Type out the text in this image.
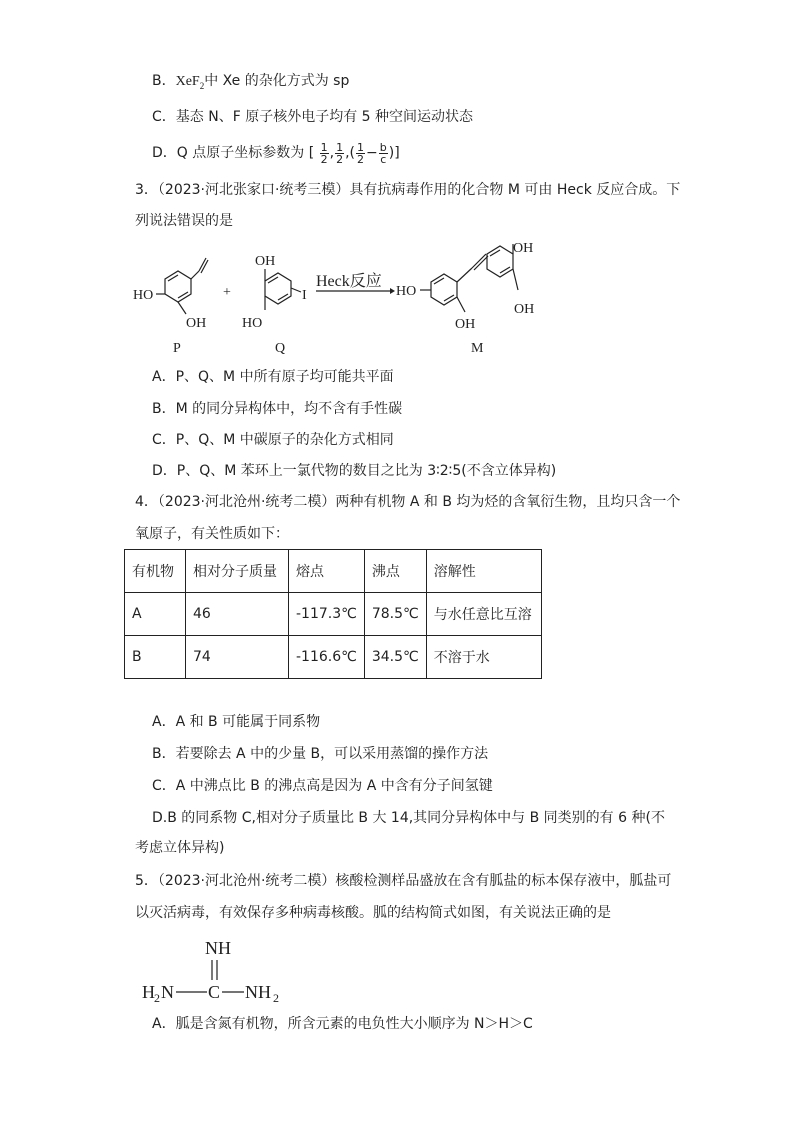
B．XeF$_2$中 Xe 的杂化方式为 sp
C．基态 N、F 原子核外电子均有 5 种空间运动状态
D．Q 点原子坐标参数为 [ $\frac{1}{2}$ , $\frac{1}{2}$ ,( $\frac{1}{2} - \frac{b}{c}$ )]
3．（2023·河北张家口·统考三模）具有抗病毒作用的化合物 M 可由 Heck 反应合成。下
列说法错误的是
HO
OH
+
OH
HO
I
Heck反应
HO
OH
OH
OH
P	Q	M
A．P、Q、M 中所有原子均可能共平面
B．M 的同分异构体中，均不含有手性碳
C．P、Q、M 中碳原子的杂化方式相同
D．P、Q、M 苯环上一氯代物的数目之比为 3∶2∶5(不含立体异构)
4．（2023·河北沧州·统考二模）两种有机物 A 和 B 均为烃的含氧衍生物，且均只含一个
氧原子，有关性质如下：
有机物	相对分子质量	熔点	沸点	溶解性
A	46	-117.3℃	78.5℃	与水任意比互溶
B	74	-116.6℃	34.5℃	不溶于水
A．A 和 B 可能属于同系物
B．若要除去 A 中的少量 B，可以采用蒸馏的操作方法
C．A 中沸点比 B 的沸点高是因为 A 中含有分子间氢键
D.B 的同系物 C,相对分子质量比 B 大 14,其同分异构体中与 B 同类别的有 6 种(不
考虑立体异构)
5．（2023·河北沧州·统考二模）核酸检测样品盛放在含有胍盐的标本保存液中，胍盐可
以灭活病毒，有效保存多种病毒核酸。胍的结构简式如图，有关说法正确的是
NH
H 2 N C NH 2
A．胍是含氮有机物，所含元素的电负性大小顺序为 N＞H＞C
